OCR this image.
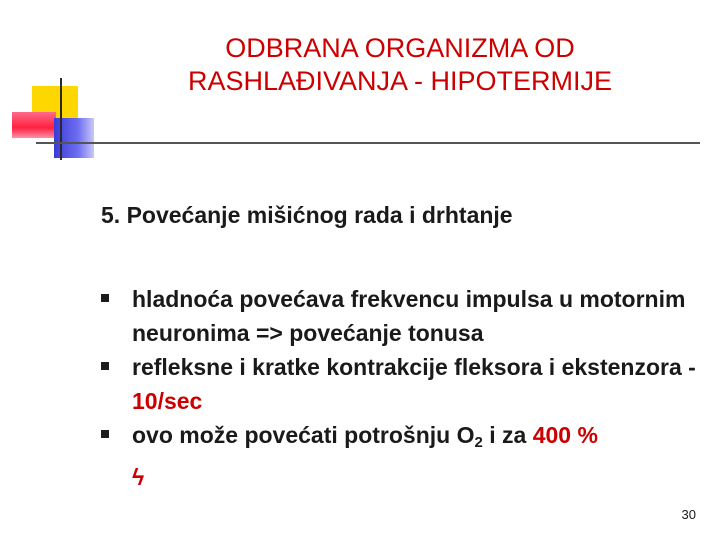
ODBRANA ORGANIZMA OD
RASHLAĐIVANJA - HIPOTERMIJE

5. Povećanje mišićnog rada i drhtanje

hladnoća povećava frekvencu impulsa u motornim neuronima => povećanje tonusa
refleksne i kratke kontrakcije fleksora i ekstenzora - 10/sec
ovo može povećati potrošnju $O_2$ i za 400 %
ϟ
30
